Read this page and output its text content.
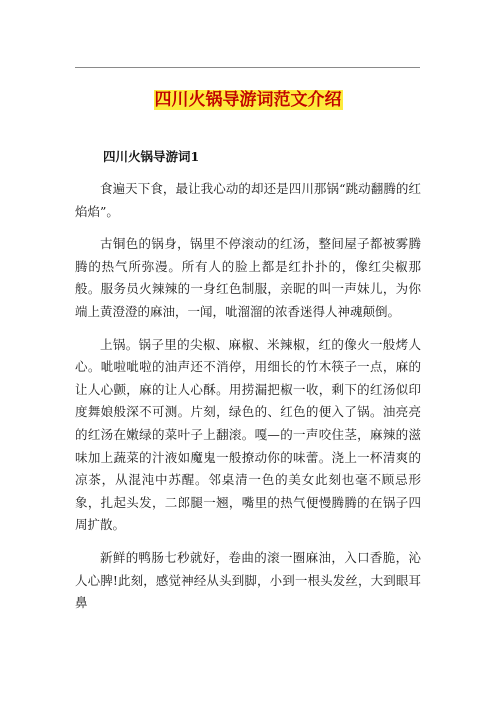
四川火锅导游词范文介绍
四川火锅导游词1

食遍天下食，最让我心动的却还是四川那锅“跳动翻腾的红焰焰”。

古铜色的锅身，锅里不停滚动的红汤，整间屋子都被雾腾腾的热气所弥漫。所有人的脸上都是红扑扑的，像红尖椒那般。服务员火辣辣的一身红色制服，亲昵的叫一声妹儿，为你端上黄澄澄的麻油，一闻，呲溜溜的浓香迷得人神魂颠倒。

上锅。锅子里的尖椒、麻椒、米辣椒，红的像火一般烤人心。呲啦呲啦的油声还不消停，用细长的竹木筷子一点，麻的让人心颤，麻的让人心酥。用捞漏把椒一收，剩下的红汤似印度舞娘般深不可测。片刻，绿色的、红色的便入了锅。油亮亮的红汤在嫩绿的菜叶子上翻滚。嘎—的一声咬住茎，麻辣的滋味加上蔬菜的汁液如魔鬼一般撩动你的味蕾。浇上一杯清爽的凉茶，从混沌中苏醒。邻桌清一色的美女此刻也毫不顾忌形象，扎起头发，二郎腿一翘，嘴里的热气便慢腾腾的在锅子四周扩散。

新鲜的鸭肠七秒就好，卷曲的滚一圈麻油，入口香脆，沁人心脾!此刻，感觉神经从头到脚，小到一根头发丝，大到眼耳鼻
